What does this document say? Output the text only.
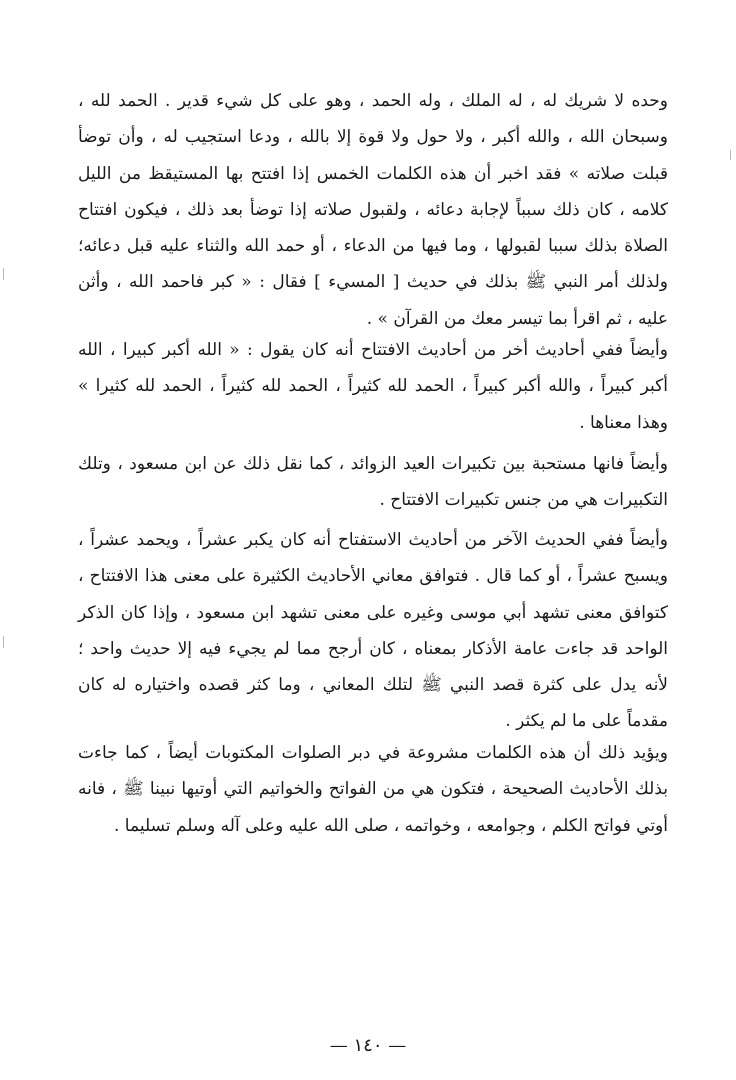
وحده لا شريك له ، له الملك ، وله الحمد ، وهو على كل شيء قدير . الحمد لله ، وسبحان الله ، والله أكبر ، ولا حول ولا قوة إلا بالله ، ودعا استجيب له ، وأن توضأ قبلت صلاته » فقد اخبر أن هذه الكلمات الخمس إذا افتتح بها المستيقظ من الليل كلامه ، كان ذلك سبباً لإجابة دعائه ، ولقبول صلاته إذا توضأ بعد ذلك ، فيكون افتتاح الصلاة بذلك سببا لقبولها ، وما فيها من الدعاء ، أو حمد الله والثناء عليه قبل دعائه؛ولذلك أمر النبي ﷺ بذلك في حديث [ المسيء ] فقال : « كبر فاحمد الله ، وأثن عليه ، ثم اقرأ بما تيسر معك من القرآن » .

وأيضاً ففي أحاديث أخر من أحاديث الافتتاح أنه كان يقول : « الله أكبر كبيرا ، الله أكبر كبيراً ، والله أكبر كبيراً ، الحمد لله كثيراً ، الحمد لله كثيراً ، الحمد لله كثيرا » وهذا معناها .

وأيضاً فانها مستحبة بين تكبيرات العيد الزوائد ، كما نقل ذلك عن ابن مسعود ، وتلك التكبيرات هي من جنس تكبيرات الافتتاح .

وأيضاً ففي الحديث الآخر من أحاديث الاستفتاح أنه كان يكبر عشراً ، ويحمد عشراً ، ويسبح عشراً ، أو كما قال . فتوافق معاني الأحاديث الكثيرة على معنى هذا الافتتاح ، كتوافق معنى تشهد أبي موسى وغيره على معنى تشهد ابن مسعود ، وإذا كان الذكر الواحد قد جاءت عامة الأذكار بمعناه ، كان أرجح مما لم يجيء فيه إلا حديث واحد ؛ لأنه يدل على كثرة قصد النبي ﷺ لتلك المعاني ، وما كثر قصده واختياره له كان مقدماً على ما لم يكثر .

ويؤيد ذلك أن هذه الكلمات مشروعة في دبر الصلوات المكتوبات أيضاً ، كما جاءت بذلك الأحاديث الصحيحة ، فتكون هي من الفواتح والخواتيم التي أوتيها نبينا ﷺ ، فانه أوتي فواتح الكلم ، وجوامعه ، وخواتمه ، صلى الله عليه وعلى آله وسلم تسليما .

— ١٤٠ —
